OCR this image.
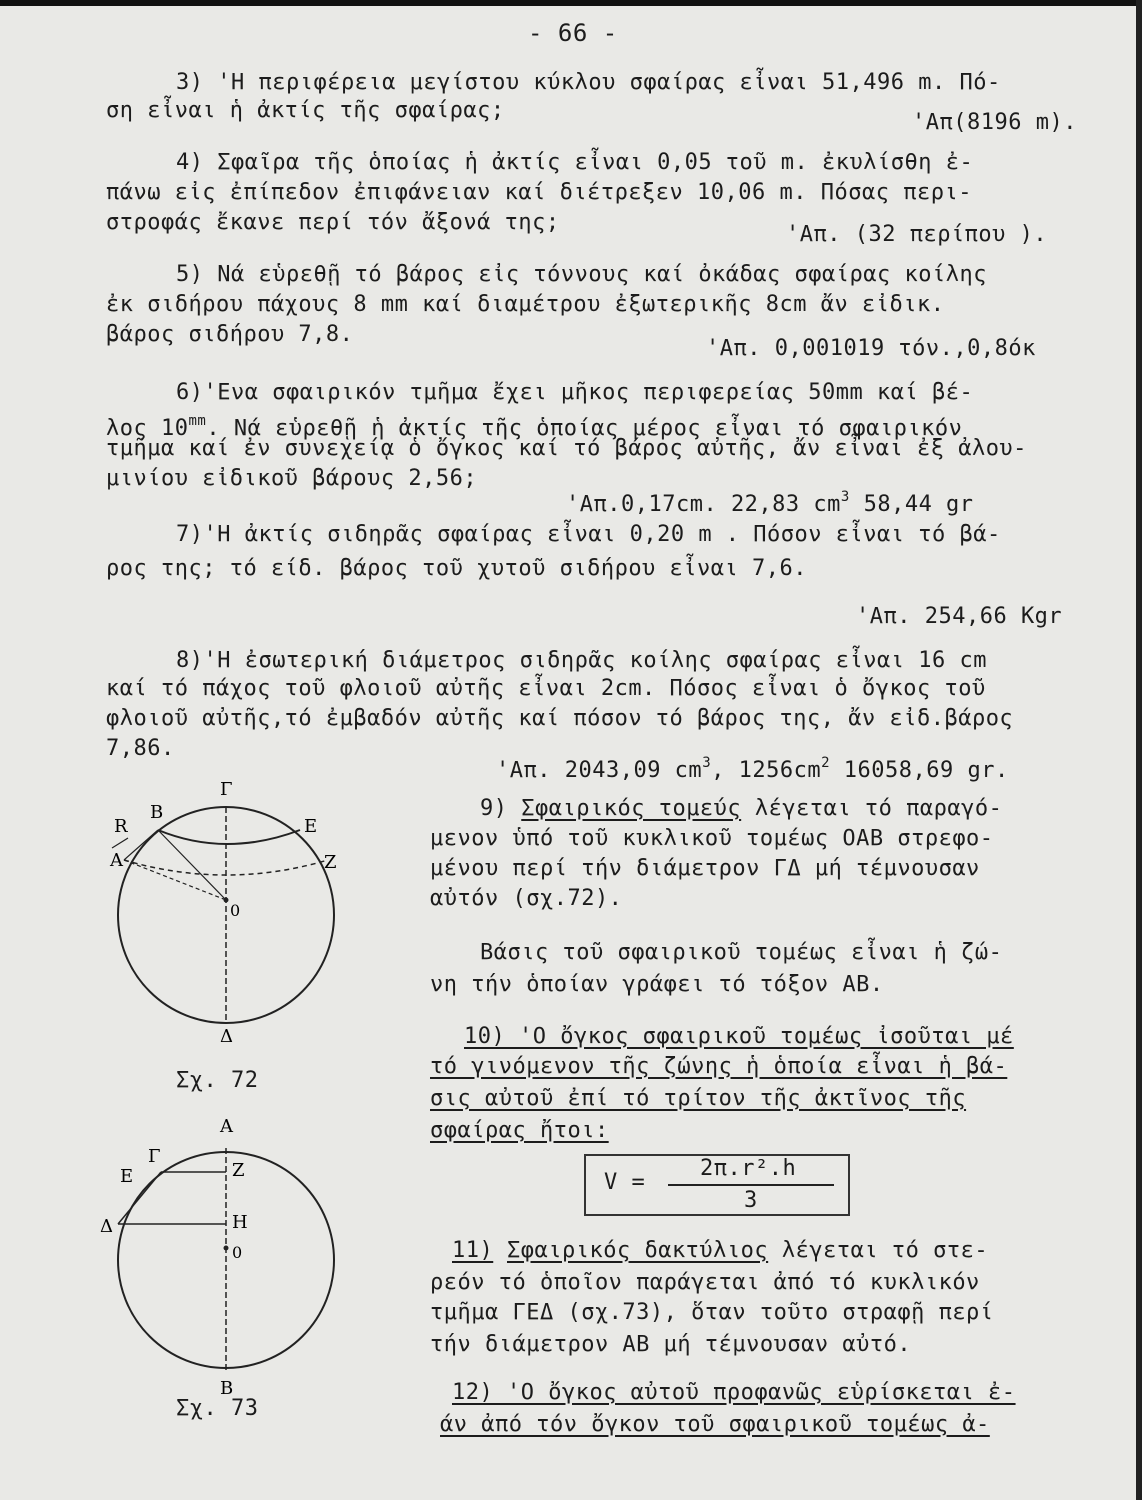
- 66 -
3) 'Η περιφέρεια μεγίστου κύκλου σφαίρας εἶναι 51,496 m. Πό-
ση εἶναι ἡ ἀκτίς τῆς σφαίρας;	'Απ(8196 m).
4) Σφαῖρα τῆς ὁποίας ἡ ἀκτίς εἶναι 0,05 τοῦ m. ἐκυλίσθη ἐ-
πάνω εἰς ἐπίπεδον ἐπιφάνειαν καί διέτρεξεν 10,06 m. Πόσας περι-
στροφάς ἔκανε περί τόν ἄξονά της;	'Απ. (32 περίπου ).
5) Νά εὑρεθῇ τό βάρος εἰς τόννους καί ὀκάδας σφαίρας κοίλης
ἐκ σιδήρου πάχους 8 mm καί διαμέτρου ἐξωτερικῆς 8cm ἄν εἰδικ.
βάρος σιδήρου 7,8.
'Απ. 0,001019 τόν.,0,8όκ
6)'Ενα σφαιρικόν τμῆμα ἔχει μῆκος περιφερείας 50mm καί βέ-
λος $10^{mm}$. Νά εὑρεθῇ ἡ ἀκτίς τῆς ὁποίας μέρος εἶναι τό σφαιρικόν
τμῆμα καί ἐν συνεχείᾳ ὁ ὄγκος καί τό βάρος αὐτῆς, ἄν εἶναι ἐξ ἀλου-
μινίου εἰδικοῦ βάρους 2,56;
'Απ.0,17cm. 22,83 $cm^3$ 58,44 gr
7)'Η ἀκτίς σιδηρᾶς σφαίρας εἶναι 0,20 m . Πόσον εἶναι τό βά-
ρος της; τό είδ. βάρος τοῦ χυτοῦ σιδήρου εἶναι 7,6.
'Απ. 254,66 Kgr
8)'Η ἐσωτερική διάμετρος σιδηρᾶς κοίλης σφαίρας εἶναι 16 cm
καί τό πάχος τοῦ φλοιοῦ αὐτῆς εἶναι 2cm. Πόσος εἶναι ὁ ὄγκος τοῦ
φλοιοῦ αὐτῆς,τό ἐμβαδόν αὐτῆς καί πόσον τό βάρος της, ἄν εἰδ.βάρος
7,86.
'Απ. 2043,09 $cm^3$, $1256cm^2$ 16058,69 gr.
Γ
B
R
A
E
Z
0
Δ
Σχ. 72
A
Γ
E	Z
Δ	H
0
B
Σχ. 73
9) Σφαιρικός τομεύς λέγεται τό παραγό-
μενον ὑπό τοῦ κυκλικοῦ τομέως ΟΑΒ στρεφο-
μένου περί τήν διάμετρον ΓΔ μή τέμνουσαν
αὐτόν (σχ.72).
Βάσις τοῦ σφαιρικοῦ τομέως εἶναι ἡ ζώ-
νη τήν ὁποίαν γράφει τό τόξον ΑΒ.
10) 'Ο ὄγκος σφαιρικοῦ τομέως ἰσοῦται μέ
τό γινόμενον τῆς ζώνης ἡ ὁποία εἶναι ἡ βά-
σις αὐτοῦ ἐπί τό τρίτον τῆς ἀκτῖνος τῆς
σφαίρας ἤτοι:
V =
2π.r².h
3
11) Σφαιρικός δακτύλιος λέγεται τό στε-
ρεόν τό ὁποῖον παράγεται ἀπό τό κυκλικόν
τμῆμα ΓΕΔ (σχ.73), ὅταν τοῦτο στραφῇ περί
τήν διάμετρον ΑΒ μή τέμνουσαν αὐτό.
12) 'Ο ὄγκος αὐτοῦ προφανῶς εὑρίσκεται ἐ-
άν ἀπό τόν ὄγκον τοῦ σφαιρικοῦ τομέως ἀ-
